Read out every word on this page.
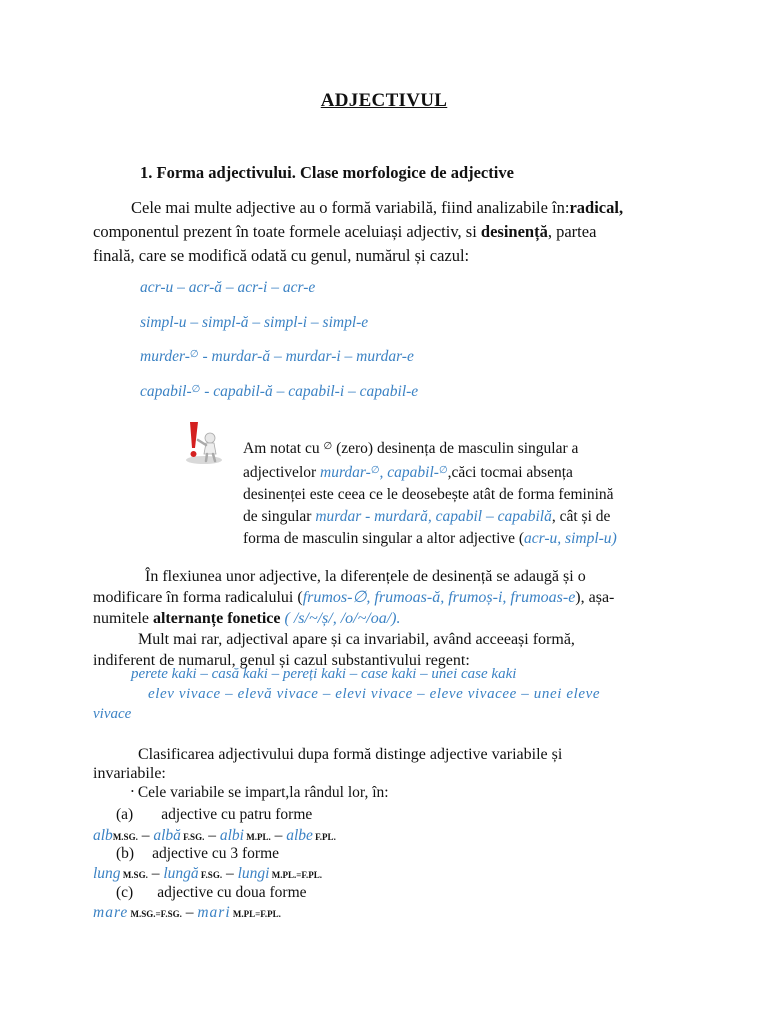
ADJECTIVUL
1. Forma adjectivului. Clase morfologice de adjective
Cele mai multe adjective au o formă variabilă, fiind analizabile în:radical,
componentul prezent în toate formele aceluiași adjectiv, si desinență, partea
finală, care se modifică odată cu genul, numărul și cazul:
acr-u – acr-ă – acr-i – acr-e
simpl-u – simpl-ă – simpl-i – simpl-e
murder-∅ - murdar-ă – murdar-i – murdar-e
capabil-∅ - capabil-ă – capabil-i – capabil-e
Am notat cu ∅ (zero) desinența de masculin singular a
adjectivelor murdar-∅, capabil-∅,căci tocmai absența
desinenței este ceea ce le deosebește atât de forma feminină
de singular murdar - murdară, capabil – capabilă, cât și de
forma de masculin singular a altor adjective (acr-u, simpl-u)
În flexiunea unor adjective, la diferențele de desinență se adaugă și o
modificare în forma radicalului (frumos-∅, frumoas-ă, frumoș-i, frumoas-e), așa-
numitele alternanțe fonetice ( /s/~/ș/, /o/~/oa/).
Mult mai rar, adjectival apare și ca invariabil, având acceeași formă,
indiferent de numarul, genul și cazul substantivului regent:
perete kaki – casă kaki – pereți kaki – case kaki – unei case kaki
elev vivace – elevă vivace – elevi vivace – eleve vivacee – unei eleve
vivace
Clasificarea adjectivului dupa formă distinge adjective variabile și
invariabile:
• Cele variabile se impart,la rândul lor, în:
(a) adjective cu patru forme
albM.SG. – albă F.SG. – albi M.PL. – albe F.PL.
(b) adjective cu 3 forme
lung M.SG. – lungă F.SG. – lungi M.PL.=F.PL.
(c) adjective cu doua forme
mare M.SG.=F.SG. – mari M.PL=F.PL.
